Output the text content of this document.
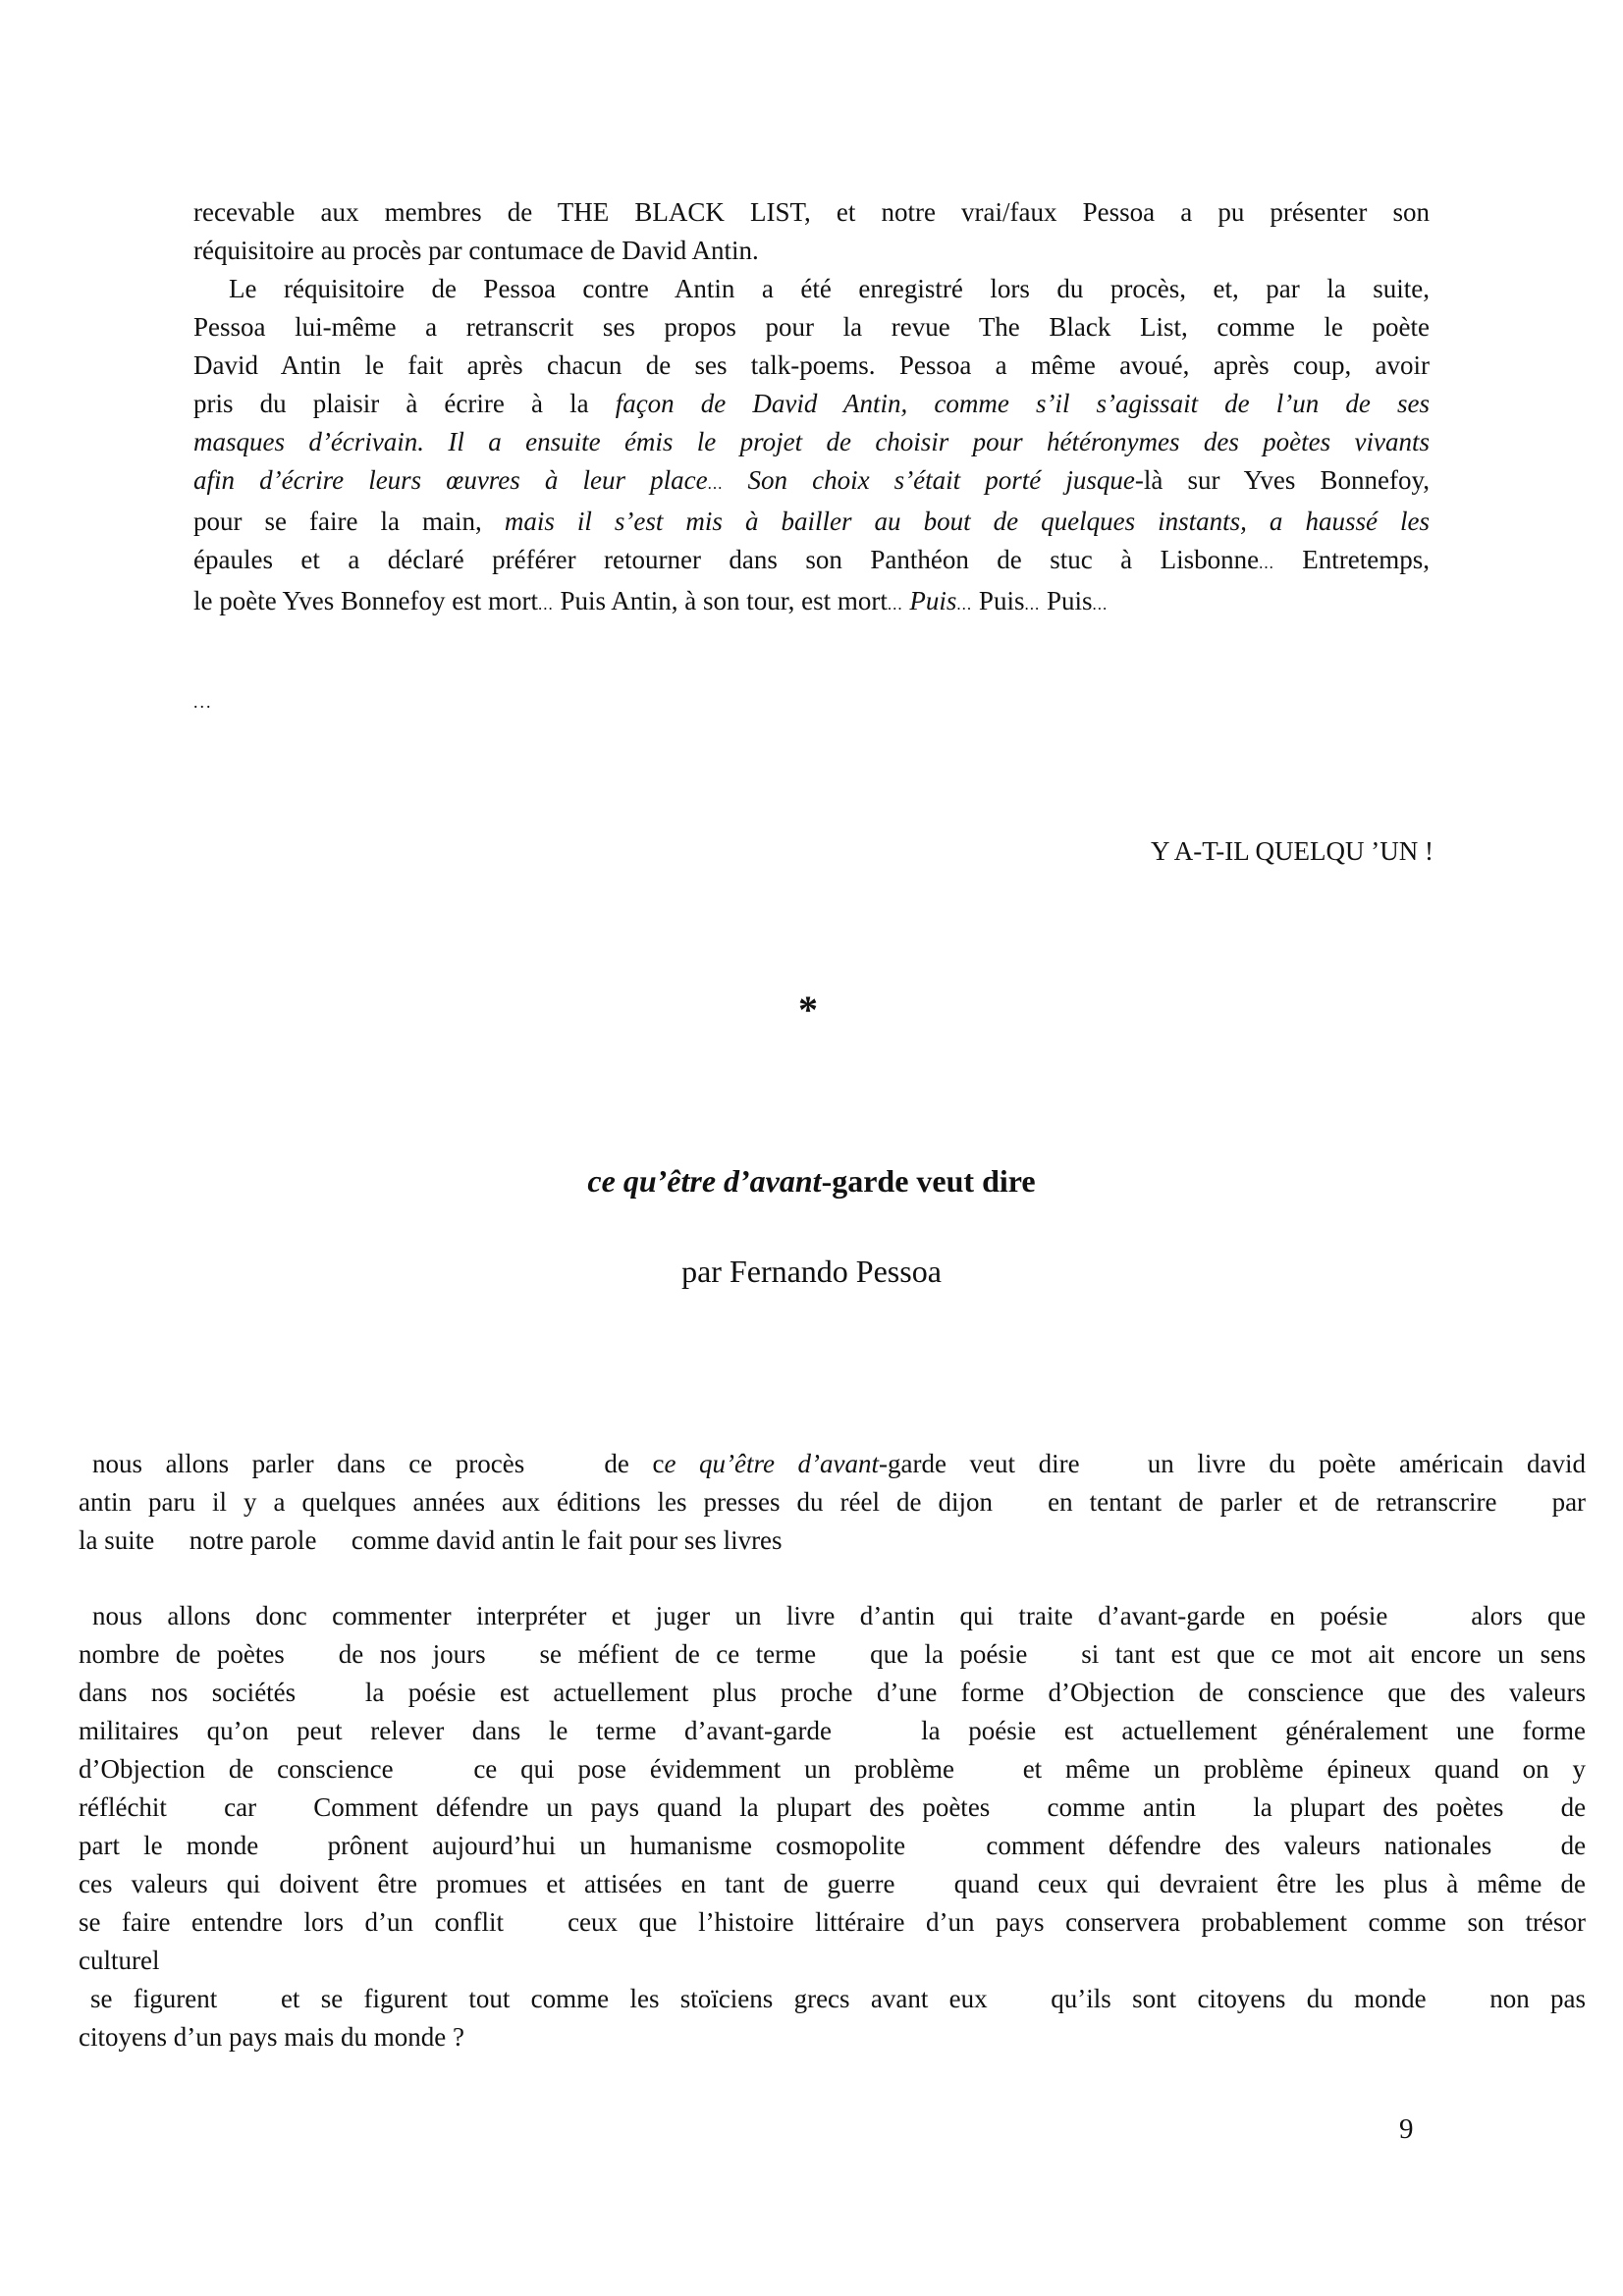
recevable aux membres de THE BLACK LIST, et notre vrai/faux Pessoa a pu présenter son
réquisitoire au procès par contumace de David Antin.
Le réquisitoire de Pessoa contre Antin a été enregistré lors du procès, et, par la suite,
Pessoa lui-même a retranscrit ses propos pour la revue The Black List, comme le poète
David Antin le fait après chacun de ses talk-poems. Pessoa a même avoué, après coup, avoir
pris du plaisir à écrire à la façon de David Antin, comme s’il s’agissait de l’un de ses
masques d’écrivain. Il a ensuite émis le projet de choisir pour hétéronymes des poètes vivants
afin d’écrire leurs œuvres à leur place... Son choix s’était porté jusque-là sur Yves Bonnefoy,
pour se faire la main, mais il s’est mis à bailler au bout de quelques instants, a haussé les
épaules et a déclaré préférer retourner dans son Panthéon de stuc à Lisbonne... Entretemps,
le poète Yves Bonnefoy est mort... Puis Antin, à son tour, est mort... Puis... Puis... Puis...
...
Y A-T-IL QUELQU ’UN !
*
ce qu’être d’avant-garde veut dire
par Fernando Pessoa
nous allons parler dans ce procès	de ce qu’être d’avant-garde veut dire	un livre du poète américain david
antin paru il y a quelques années aux éditions les presses du réel de dijon en tentant de parler et de retranscrire par
la suite notre parole comme david antin le fait pour ses livres
nous allons donc commenter interpréter et juger un livre d’antin qui traite d’avant-garde en poésie	alors que
nombre de poètes de nos jours se méfient de ce terme que la poésie si tant est que ce mot ait encore un sens
dans nos sociétés	la poésie est actuellement plus proche d’une forme d’Objection de conscience que des valeurs
militaires qu’on peut relever dans le terme d’avant-garde	la poésie est actuellement généralement une forme
d’Objection de conscience	ce qui pose évidemment un problème	et même un problème épineux quand on y
réfléchit car Comment défendre un pays quand la plupart des poètes comme antin la plupart des poètes de
part le monde	prônent aujourd’hui un humanisme cosmopolite	comment défendre des valeurs nationales	de
ces valeurs qui doivent être promues et attisées en tant de guerre quand ceux qui devraient être les plus à même de
se faire entendre lors d’un conflit ceux que l’histoire littéraire d’un pays conservera probablement comme son trésor
culturel
se figurent et se figurent tout comme les stoïciens grecs avant eux qu’ils sont citoyens du monde non pas
citoyens d’un pays mais du monde ?
9
